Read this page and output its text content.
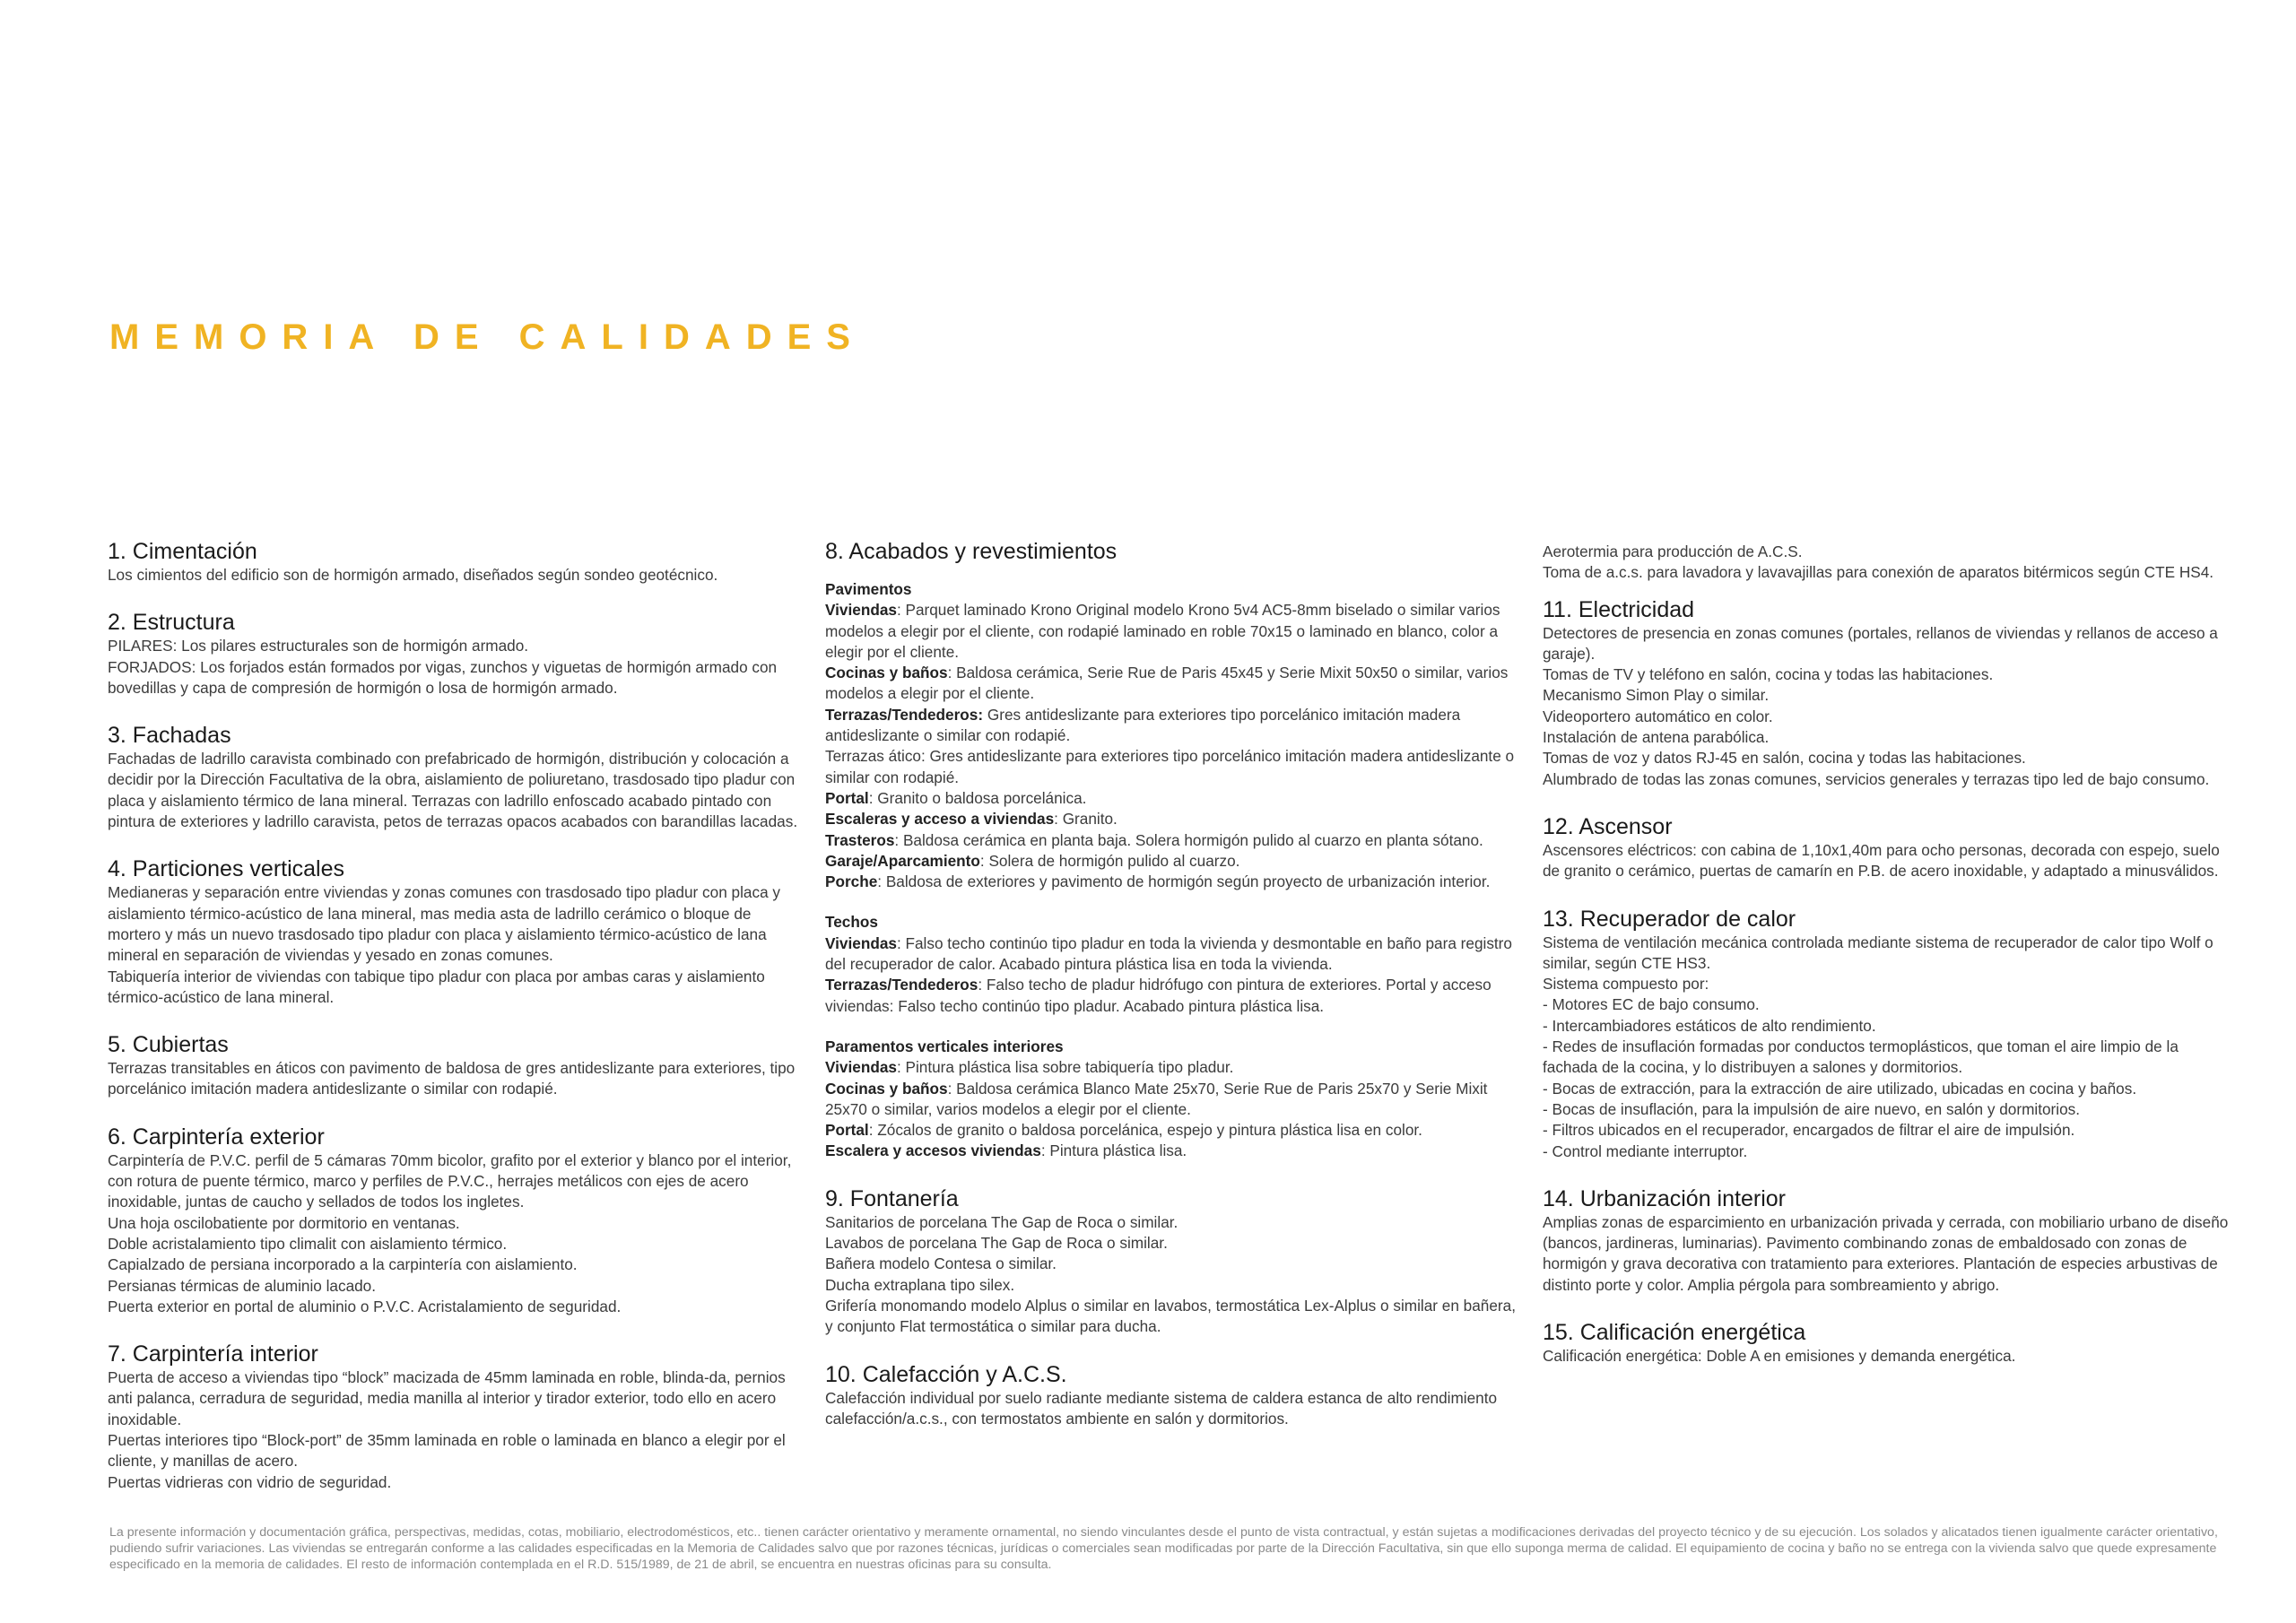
MEMORIA DE CALIDADES
1. Cimentación

Los cimientos del edificio son de hormigón armado, diseñados según sondeo geotécnico.

2. Estructura

PILARES: Los pilares estructurales son de hormigón armado.

FORJADOS: Los forjados están formados por vigas, zunchos y viguetas de hormigón armado con bovedillas y capa de compresión de hormigón o losa de hormigón armado.

3. Fachadas

Fachadas de ladrillo caravista combinado con prefabricado de hormigón, distribución y colocación a decidir por la Dirección Facultativa de la obra, aislamiento de poliuretano, trasdosado tipo pladur con placa y aislamiento térmico de lana mineral. Terrazas con ladrillo enfoscado acabado pintado con pintura de exteriores y ladrillo caravista, petos de terrazas opacos acabados con barandillas lacadas.

4. Particiones verticales

Medianeras y separación entre viviendas y zonas comunes con trasdosado tipo pladur con placa y aislamiento térmico-acústico de lana mineral, mas media asta de ladrillo cerámico o bloque de mortero y más un nuevo trasdosado tipo pladur con placa y aislamiento térmico-acústico de lana mineral en separación de viviendas y yesado en zonas comunes.

Tabiquería interior de viviendas con tabique tipo pladur con placa por ambas caras y aislamiento térmico-acústico de lana mineral.

5. Cubiertas

Terrazas transitables en áticos con pavimento de baldosa de gres antideslizante para exteriores, tipo porcelánico imitación madera antideslizante o similar con rodapié.

6. Carpintería exterior

Carpintería de P.V.C. perfil de 5 cámaras 70mm bicolor, grafito por el exterior y blanco por el interior, con rotura de puente térmico, marco y perfiles de P.V.C., herrajes metálicos con ejes de acero inoxidable, juntas de caucho y sellados de todos los ingletes.

Una hoja oscilobatiente por dormitorio en ventanas.

Doble acristalamiento tipo climalit con aislamiento térmico.

Capialzado de persiana incorporado a la carpintería con aislamiento.

Persianas térmicas de aluminio lacado.

Puerta exterior en portal de aluminio o P.V.C. Acristalamiento de seguridad.

7. Carpintería interior

Puerta de acceso a viviendas tipo “block” macizada de 45mm laminada en roble, blinda-da, pernios anti palanca, cerradura de seguridad, media manilla al interior y tirador exterior, todo ello en acero inoxidable.

Puertas interiores tipo “Block-port” de 35mm laminada en roble o laminada en blanco a elegir por el cliente, y manillas de acero.

Puertas vidrieras con vidrio de seguridad.

8. Acabados y revestimientos
Pavimentos

Viviendas: Parquet laminado Krono Original modelo Krono 5v4 AC5-8mm biselado o similar varios modelos a elegir por el cliente, con rodapié laminado en roble 70x15 o laminado en blanco, color a elegir por el cliente.

Cocinas y baños: Baldosa cerámica, Serie Rue de Paris 45x45 y Serie Mixit 50x50 o similar, varios modelos a elegir por el cliente.

Terrazas/Tendederos: Gres antideslizante para exteriores tipo porcelánico imitación madera antideslizante o similar con rodapié.

Terrazas ático: Gres antideslizante para exteriores tipo porcelánico imitación madera antideslizante o similar con rodapié.

Portal: Granito o baldosa porcelánica.

Escaleras y acceso a viviendas: Granito.

Trasteros: Baldosa cerámica en planta baja. Solera hormigón pulido al cuarzo en planta sótano.

Garaje/Aparcamiento: Solera de hormigón pulido al cuarzo.

Porche: Baldosa de exteriores y pavimento de hormigón según proyecto de urbanización interior.

Techos

Viviendas: Falso techo continúo tipo pladur en toda la vivienda y desmontable en baño para registro del recuperador de calor. Acabado pintura plástica lisa en toda la vivienda.

Terrazas/Tendederos: Falso techo de pladur hidrófugo con pintura de exteriores. Portal y acceso viviendas: Falso techo continúo tipo pladur. Acabado pintura plástica lisa.

Paramentos verticales interiores

Viviendas: Pintura plástica lisa sobre tabiquería tipo pladur.

Cocinas y baños: Baldosa cerámica Blanco Mate 25x70, Serie Rue de Paris 25x70 y Serie Mixit 25x70 o similar, varios modelos a elegir por el cliente.

Portal: Zócalos de granito o baldosa porcelánica, espejo y pintura plástica lisa en color.

Escalera y accesos viviendas: Pintura plástica lisa.

9. Fontanería

Sanitarios de porcelana The Gap de Roca o similar.

Lavabos de porcelana The Gap de Roca o similar.

Bañera modelo Contesa o similar.

Ducha extraplana tipo silex.

Grifería monomando modelo Alplus o similar en lavabos, termostática Lex-Alplus o similar en bañera, y conjunto Flat termostática o similar para ducha.

10. Calefacción y A.C.S.

Calefacción individual por suelo radiante mediante sistema de caldera estanca de alto rendimiento calefacción/a.c.s., con termostatos ambiente en salón y dormitorios.

Aerotermia para producción de A.C.S.

Toma de a.c.s. para lavadora y lavavajillas para conexión de aparatos bitérmicos según CTE HS4.

11. Electricidad

Detectores de presencia en zonas comunes (portales, rellanos de viviendas y rellanos de acceso a garaje).

Tomas de TV y teléfono en salón, cocina y todas las habitaciones.

Mecanismo Simon Play o similar.

Videoportero automático en color.

Instalación de antena parabólica.

Tomas de voz y datos RJ-45 en salón, cocina y todas las habitaciones.

Alumbrado de todas las zonas comunes, servicios generales y terrazas tipo led de bajo consumo.

12. Ascensor

Ascensores eléctricos: con cabina de 1,10x1,40m para ocho personas, decorada con espejo, suelo de granito o cerámico, puertas de camarín en P.B. de acero inoxidable, y adaptado a minusválidos.

13. Recuperador de calor

Sistema de ventilación mecánica controlada mediante sistema de recuperador de calor tipo Wolf o similar, según CTE HS3.

Sistema compuesto por:

- Motores EC de bajo consumo.

- Intercambiadores estáticos de alto rendimiento.

- Redes de insuflación formadas por conductos termoplásticos, que toman el aire limpio de la fachada de la cocina, y lo distribuyen a salones y dormitorios.

- Bocas de extracción, para la extracción de aire utilizado, ubicadas en cocina y baños.

- Bocas de insuflación, para la impulsión de aire nuevo, en salón y dormitorios.

- Filtros ubicados en el recuperador, encargados de filtrar el aire de impulsión.

- Control mediante interruptor.

14. Urbanización interior

Amplias zonas de esparcimiento en urbanización privada y cerrada, con mobiliario urbano de diseño (bancos, jardineras, luminarias). Pavimento combinando zonas de embaldosado con zonas de hormigón y grava decorativa con tratamiento para exteriores. Plantación de especies arbustivas de distinto porte y color. Amplia pérgola para sombreamiento y abrigo.

15. Calificación energética

Calificación energética: Doble A en emisiones y demanda energética.

La presente información y documentación gráfica, perspectivas, medidas, cotas, mobiliario, electrodomésticos, etc.. tienen carácter orientativo y meramente ornamental, no siendo vinculantes desde el punto de vista contractual, y están sujetas a modificaciones derivadas del proyecto técnico y de su ejecución. Los solados y alicatados tienen igualmente carácter orientativo, pudiendo sufrir variaciones. Las viviendas se entregarán conforme a las calidades especificadas en la Memoria de Calidades salvo que por razones técnicas, jurídicas o comerciales sean modificadas por parte de la Dirección Facultativa, sin que ello suponga merma de calidad. El equipamiento de cocina y baño no se entrega con la vivienda salvo que quede expresamente especificado en la memoria de calidades. El resto de información contemplada en el R.D. 515/1989, de 21 de abril, se encuentra en nuestras oficinas para su consulta.
